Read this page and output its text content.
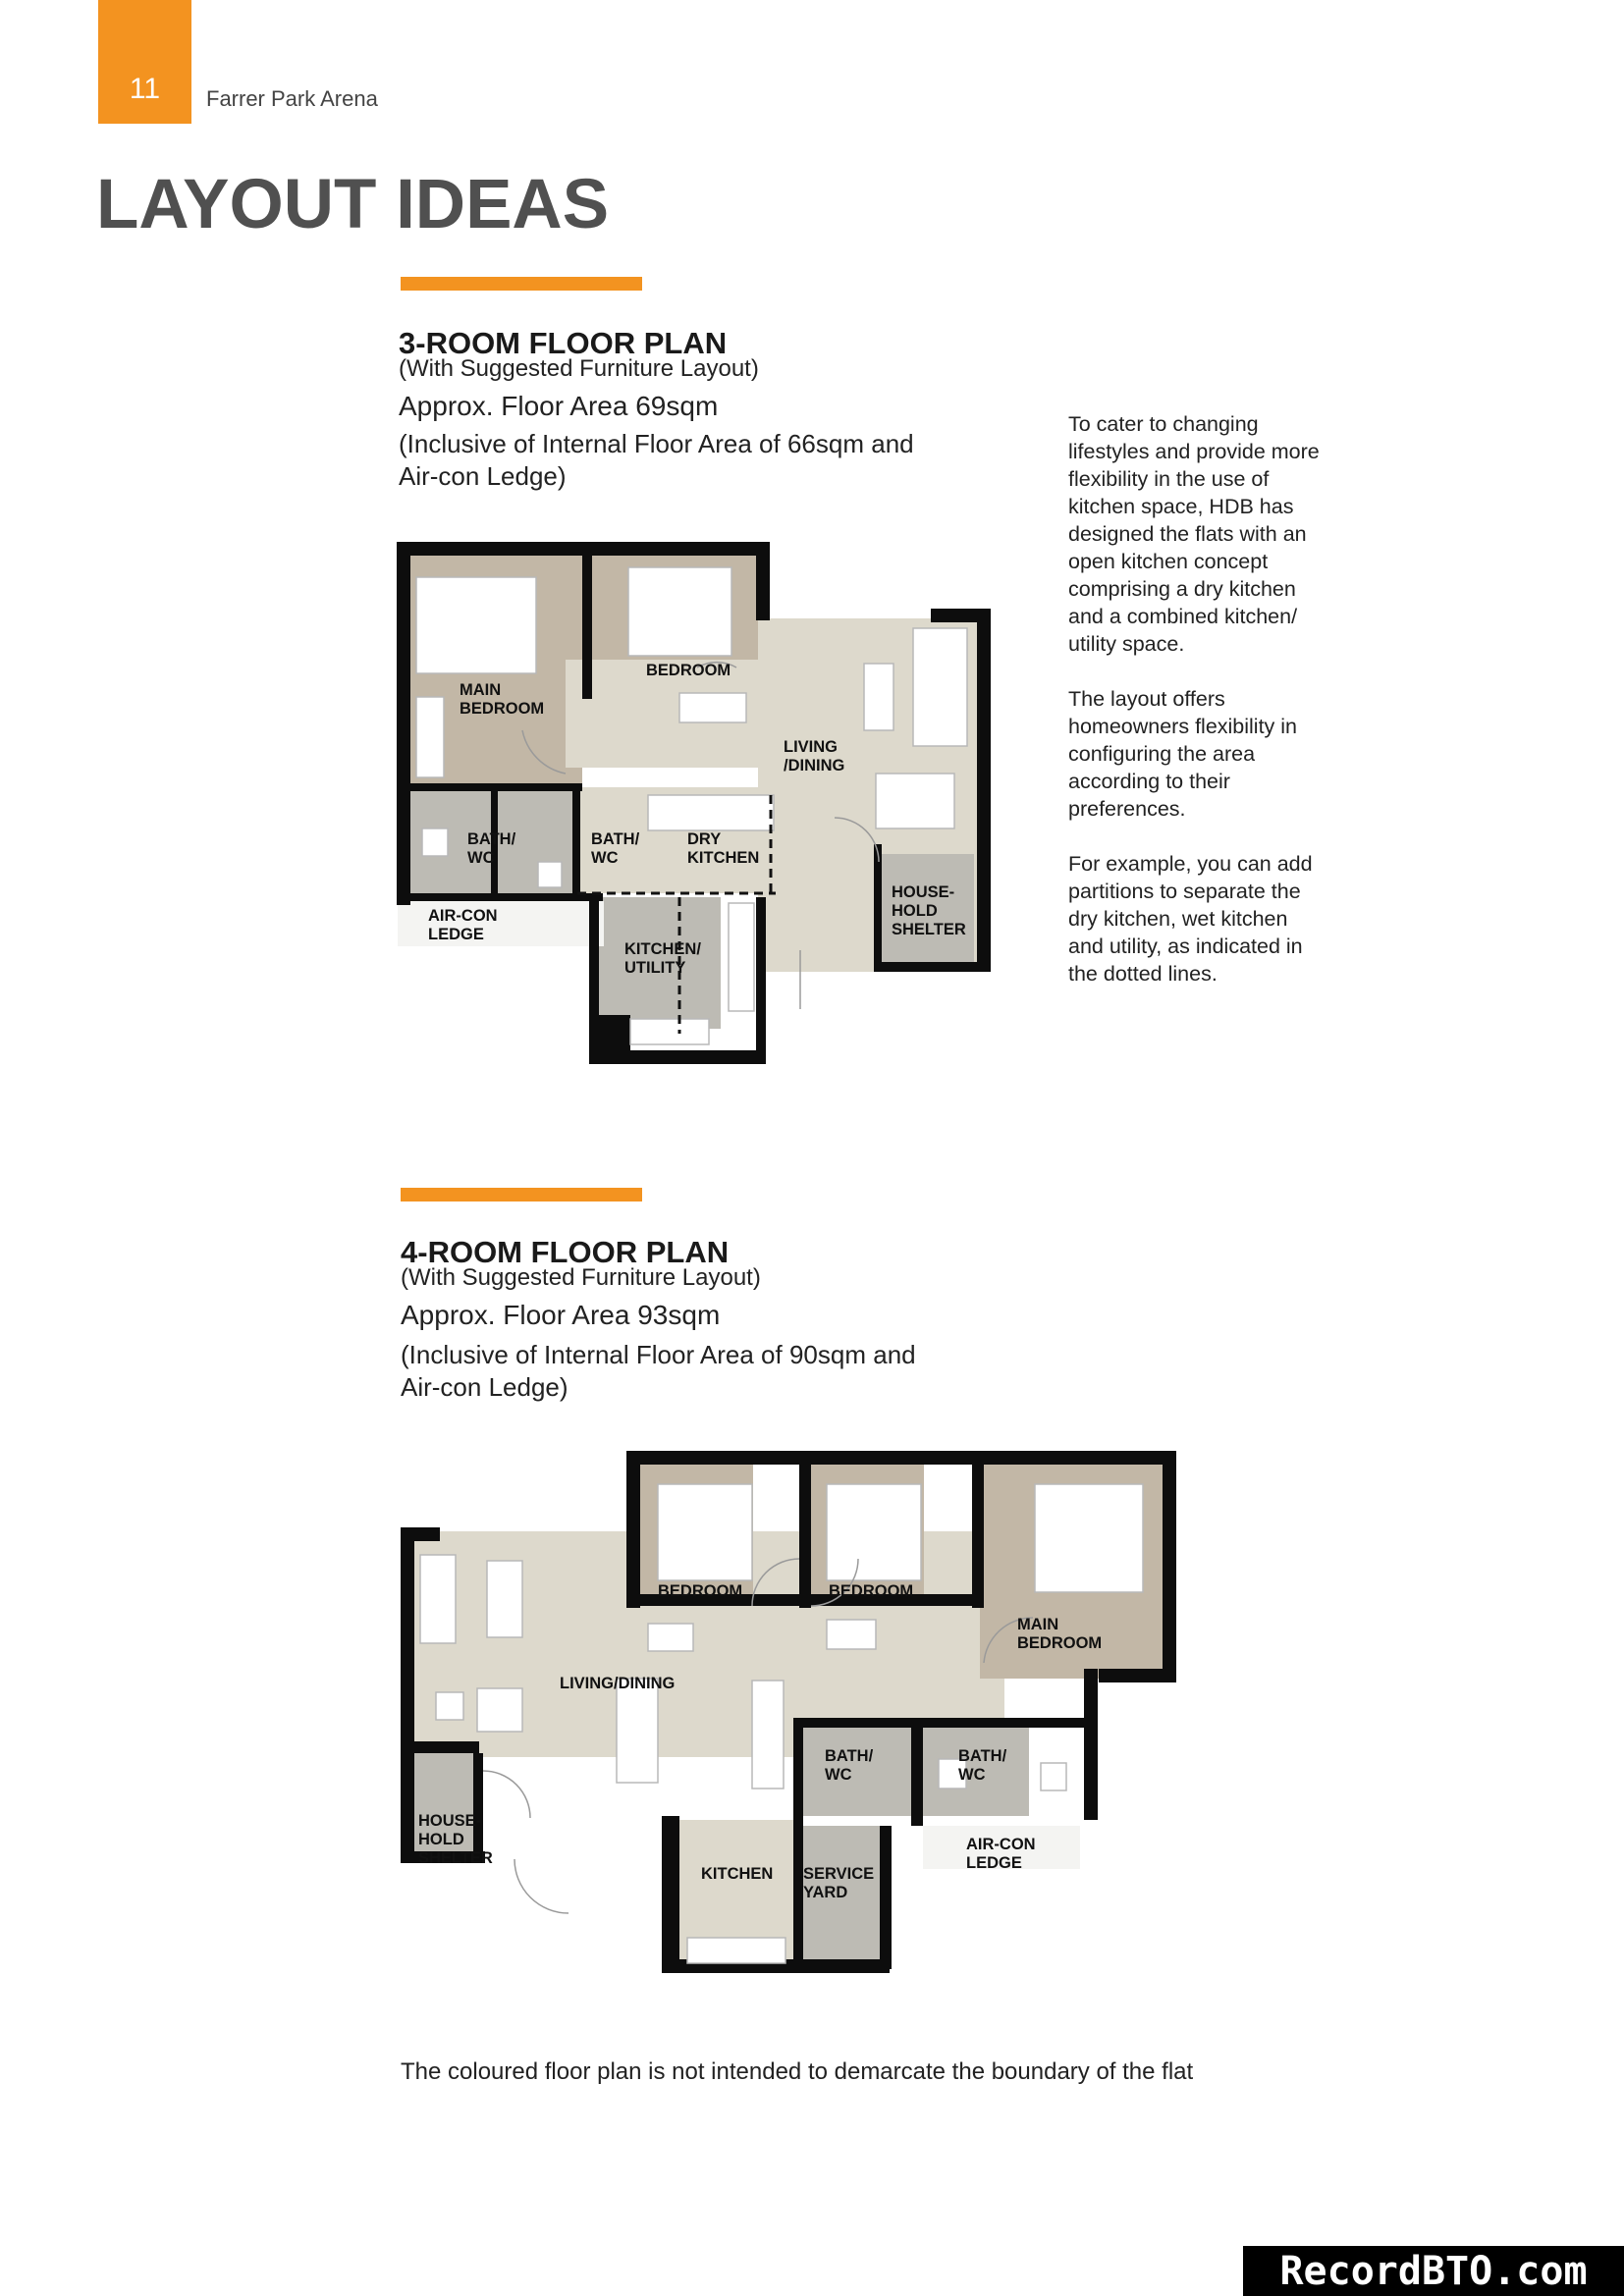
11 Farrer Park Arena
LAYOUT IDEAS
3-ROOM FLOOR PLAN
(With Suggested Furniture Layout)
Approx. Floor Area 69sqm
(Inclusive of Internal Floor Area of 66sqm and
Air-con Ledge)

To cater to changing lifestyles and provide more flexibility in the use of kitchen space, HDB has designed the flats with an open kitchen concept comprising a dry kitchen and a combined kitchen/ utility space.

The layout offers homeowners flexibility in configuring the area according to their preferences.

For example, you can add partitions to separate the dry kitchen, wet kitchen and utility, as indicated in the dotted lines.

MAIN
BEDROOM
BEDROOM
LIVING
/DINING
BATH/
WC
BATH/
WC
DRY
KITCHEN
AIR-CON
LEDGE
KITCHEN/
UTILITY
HOUSE-
HOLD
SHELTER
4-ROOM FLOOR PLAN
(With Suggested Furniture Layout)
Approx. Floor Area 93sqm
(Inclusive of Internal Floor Area of 90sqm and
Air-con Ledge)
BEDROOM	BEDROOM
MAIN
BEDROOM
LIVING/DINING
BATH/
WC
BATH/
WC
HOUSE-
HOLD
SHELTER
KITCHEN SERVICE
YARD
AIR-CON
LEDGE
The coloured floor plan is not intended to demarcate the boundary of the flat
RecordBTO.com
